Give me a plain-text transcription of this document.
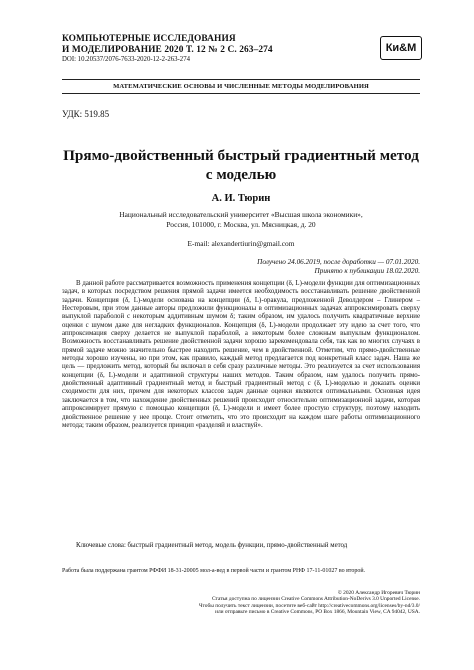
КОМПЬЮТЕРНЫЕ ИССЛЕДОВАНИЯ
И МОДЕЛИРОВАНИЕ 2020 Т. 12 № 2 С. 263–274
DOI: 10.20537/2076-7633-2020-12-2-263-274
Ки&М
МАТЕМАТИЧЕСКИЕ ОСНОВЫ И ЧИСЛЕННЫЕ МЕТОДЫ МОДЕЛИРОВАНИЯ
УДК: 519.85
Прямо-двойственный быстрый градиентный метод
с моделью
А. И. Тюрин
Национальный исследовательский университет «Высшая школа экономики»,
Россия, 101000, г. Москва, ул. Мясницкая, д. 20
E-mail: alexandertiurin@gmail.com
Получено 24.06.2019, после доработки — 07.01.2020.
Принято к публикации 18.02.2020.
В данной работе рассматривается возможность применения концепции (δ, L)-модели функции для оптимизационных задач, в которых посредством решения прямой задачи имеется необходимость восстанавливать решение двойственной задачи. Концепция (δ, L)-модели основана на концепции (δ, L)-оракула, предложенной Деволдером – Глинером – Нестеровым, при этом данные авторы предложили функционалы в оптимизационных задачах аппроксимировать сверху выпуклой параболой с некоторым аддитивным шумом δ; таким образом, им удалось получить квадратичные верхние оценки с шумом даже для негладких функционалов. Концепция (δ, L)-модели продолжает эту идею за счет того, что аппроксимация сверху делается не выпуклой параболой, а некоторым более сложным выпуклым функционалом. Возможность восстанавливать решение двойственной задачи хорошо зарекомендовала себя, так как во многих случаях в прямой задаче можно значительно быстрее находить решение, чем в двойственной. Отметим, что прямо-двойственные методы хорошо изучены, но при этом, как правило, каждый метод предлагается под конкретный класс задач. Наша же цель — предложить метод, который бы включал в себя сразу различные методы. Это реализуется за счет использования концепции (δ, L)-модели и адаптивной структуры наших методов. Таким образом, нам удалось получить прямо-двойственный адаптивный градиентный метод и быстрый градиентный метод с (δ, L)-моделью и доказать оценки сходимости для них, причем для некоторых классов задач данные оценки являются оптимальными. Основная идея заключается в том, что нахождение двойственных решений происходит относительно оптимизационной задачи, которая аппроксимирует прямую с помощью концепции (δ, L)-модели и имеет более простую структуру, поэтому находить двойственное решение у нее проще. Стоит отметить, что это происходит на каждом шаге работы оптимизационного метода; таким образом, реализуется принцип «разделяй и властвуй».
Ключевые слова: быстрый градиентный метод, модель функции, прямо-двойственный метод
Работа была поддержана грантом РФФИ 18-31-20005 мол-а-вед в первой части и грантом РНФ 17-11-01027 во второй.
© 2020 Александр Игоревич Тюрин
Статья доступна по лицензии Creative Commons Attribution-NoDerivs 3.0 Unported License.
Чтобы получить текст лицензии, посетите веб-сайт http://creativecommons.org/licenses/by-nd/3.0/
или отправьте письмо в Creative Commons, PO Box 1866, Mountain View, CA 94042, USA.
